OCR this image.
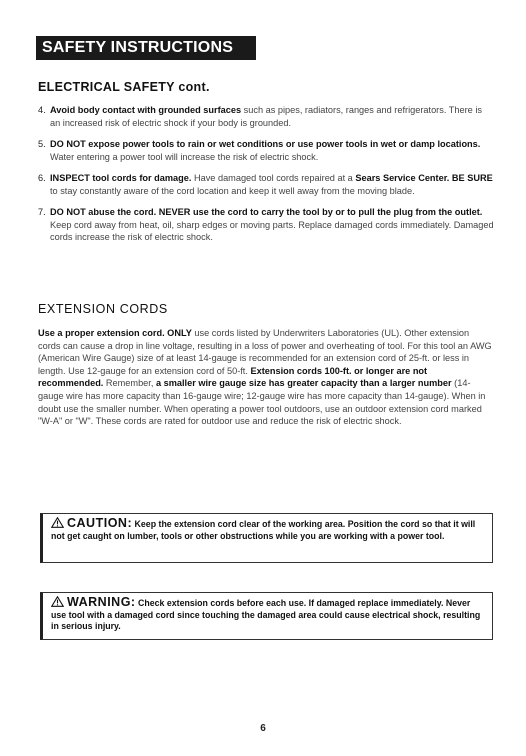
SAFETY INSTRUCTIONS cont.
ELECTRICAL SAFETY cont.
4. Avoid body contact with grounded surfaces such as pipes, radiators, ranges and refrigerators. There is an increased risk of electric shock if your body is grounded.
5. DO NOT expose power tools to rain or wet conditions or use power tools in wet or damp locations. Water entering a power tool will increase the risk of electric shock.
6. INSPECT tool cords for damage. Have damaged tool cords repaired at a Sears Service Center. BE SURE to stay constantly aware of the cord location and keep it well away from the moving blade.
7. DO NOT abuse the cord. NEVER use the cord to carry the tool by or to pull the plug from the outlet. Keep cord away from heat, oil, sharp edges or moving parts. Replace damaged cords immediately. Damaged cords increase the risk of electric shock.
EXTENSION CORDS

Use a proper extension cord. ONLY use cords listed by Underwriters Laboratories (UL). Other extension cords can cause a drop in line voltage, resulting in a loss of power and overheating of tool. For this tool an AWG (American Wire Gauge) size of at least 14-gauge is recommended for an extension cord of 25-ft. or less in length. Use 12-gauge for an extension cord of 50-ft. Extension cords 100-ft. or longer are not recommended. Remember, a smaller wire gauge size has greater capacity than a larger number (14-gauge wire has more capacity than 16-gauge wire; 12-gauge wire has more capacity than 14-gauge). When in doubt use the smaller number. When operating a power tool outdoors, use an outdoor extension cord marked "W-A" or "W". These cords are rated for outdoor use and reduce the risk of electric shock.

CAUTION: Keep the extension cord clear of the working area. Position the cord so that it will not get caught on lumber, tools or other obstructions while you are working with a power tool.
WARNING: Check extension cords before each use. If damaged replace immediately. Never use tool with a damaged cord since touching the damaged area could cause electrical shock, resulting in serious injury.
6
